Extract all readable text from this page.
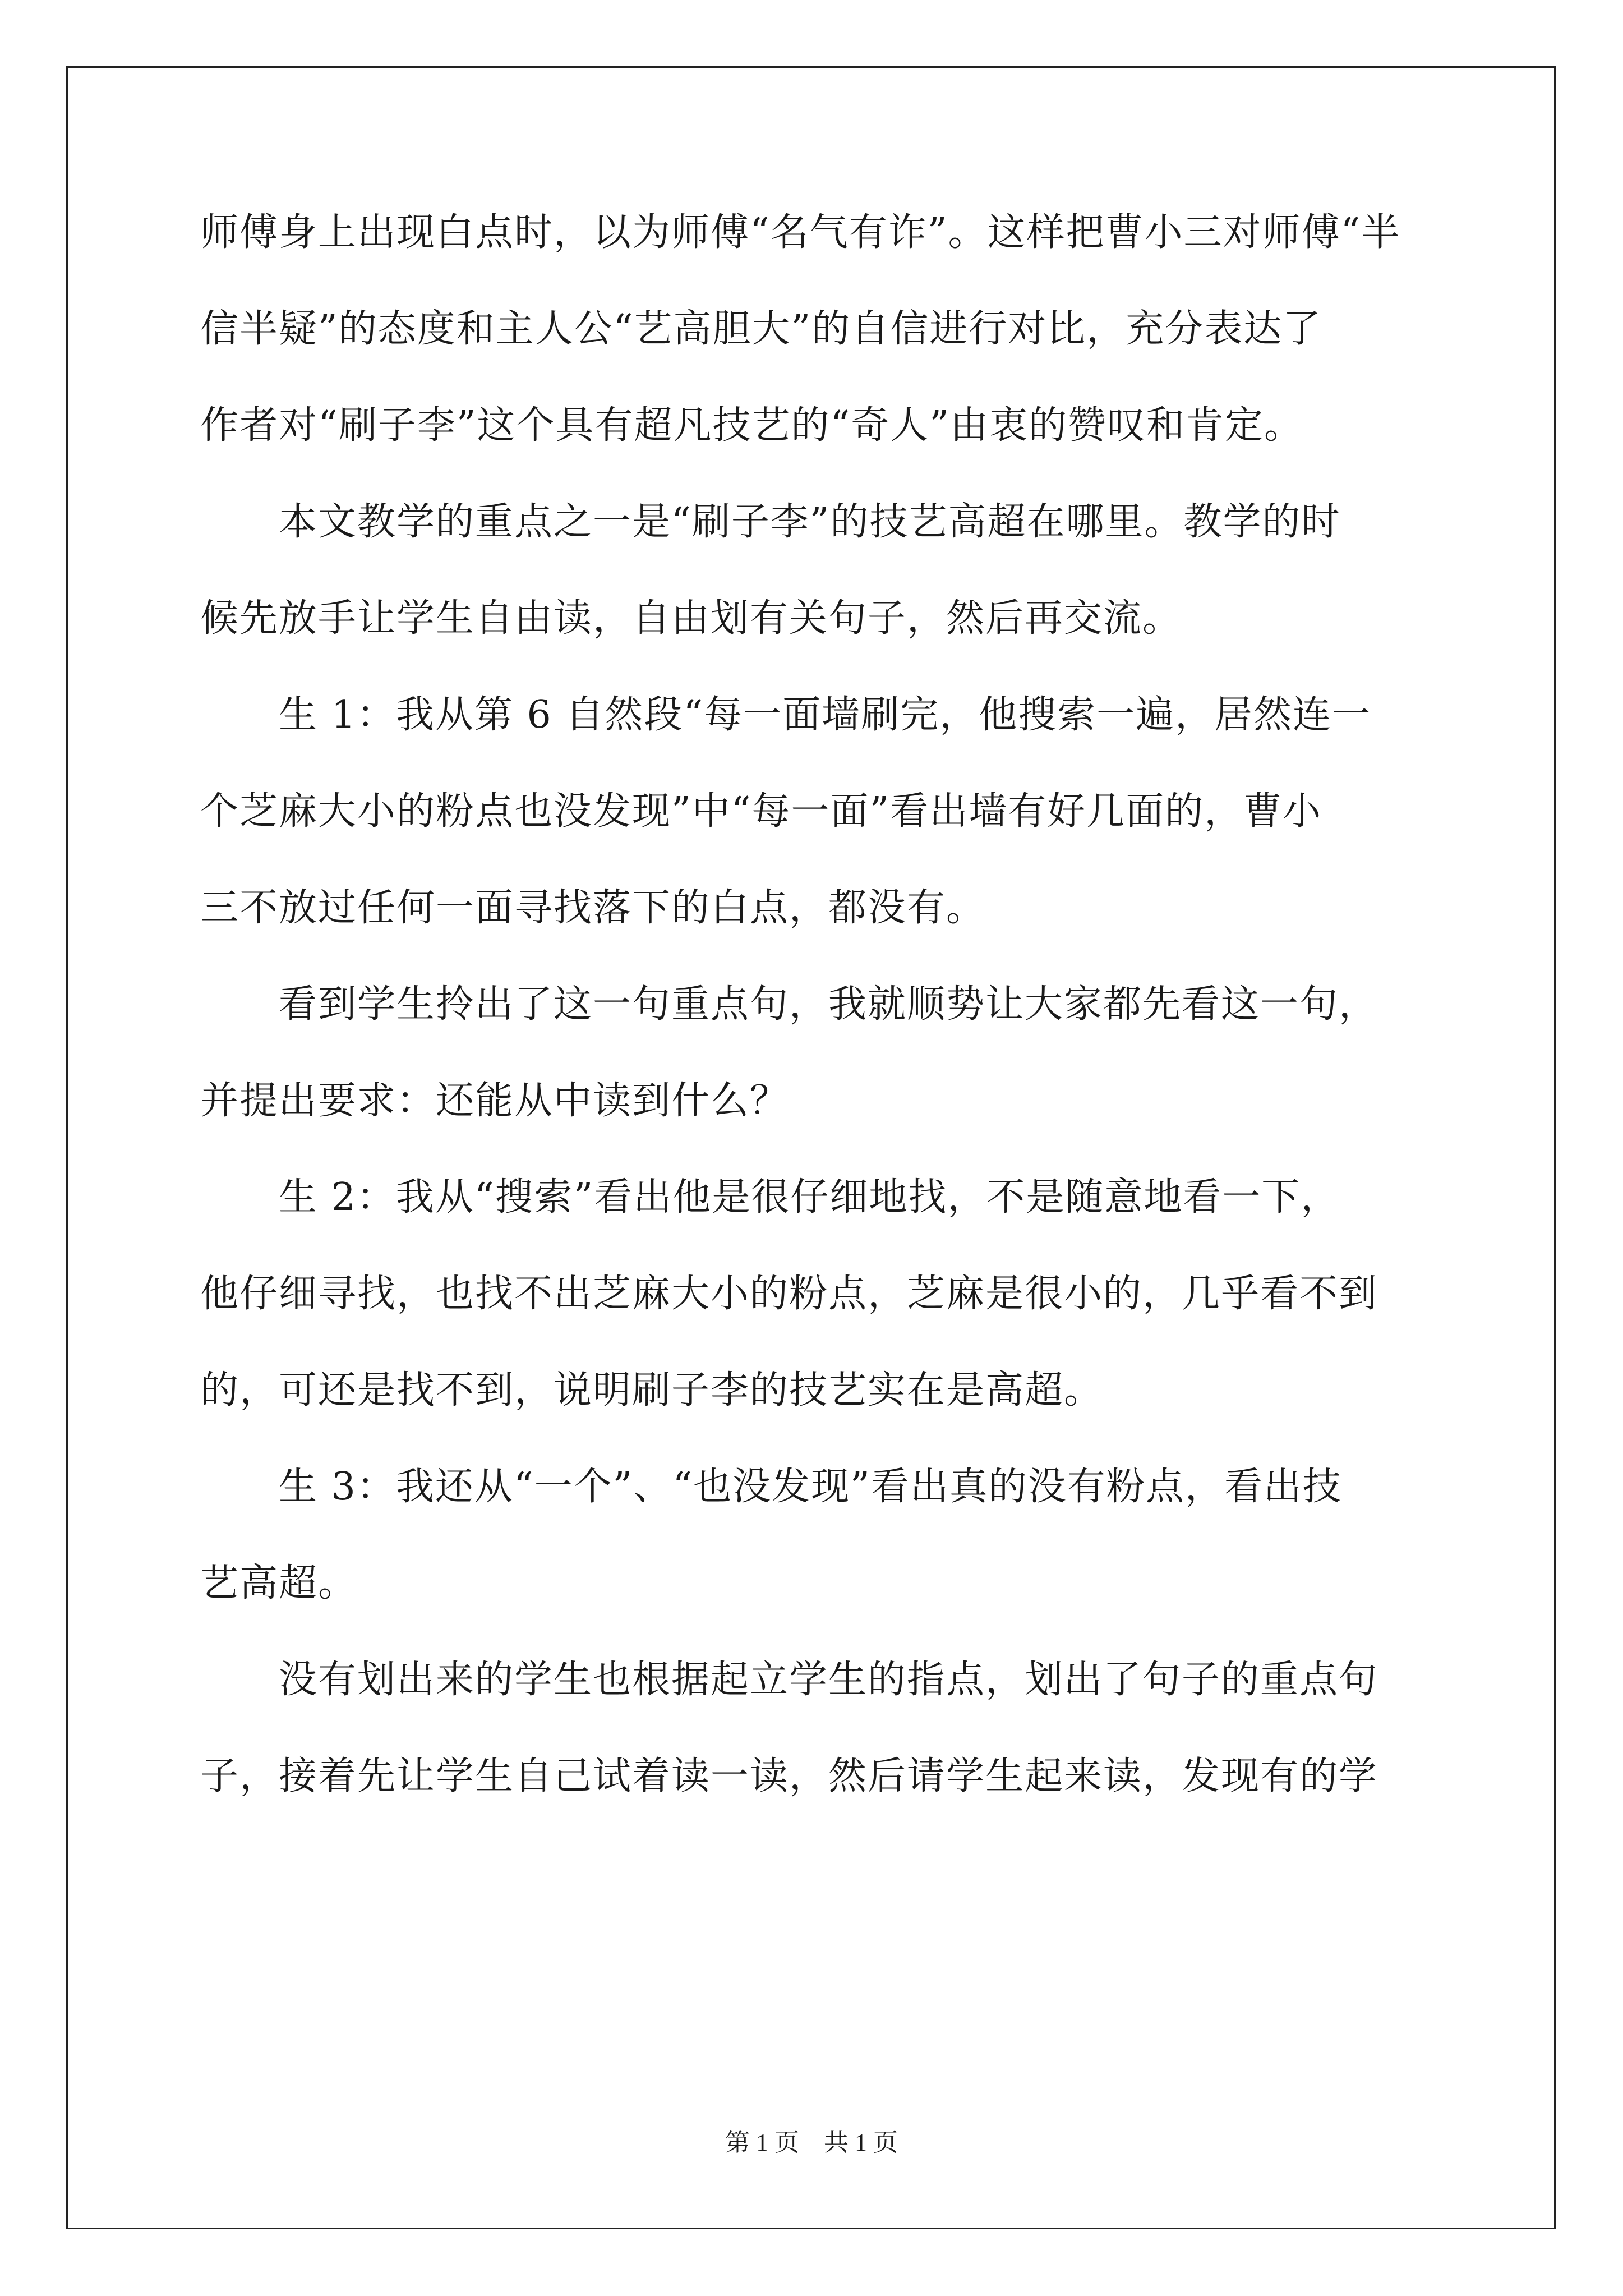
师傅身上出现白点时，以为师傅“名气有诈”。这样把曹小三对师傅“半
信半疑”的态度和主人公“艺高胆大”的自信进行对比，充分表达了
作者对“刷子李”这个具有超凡技艺的“奇人”由衷的赞叹和肯定。
　　本文教学的重点之一是“刷子李”的技艺高超在哪里。教学的时
候先放手让学生自由读，自由划有关句子，然后再交流。
　　生 1：我从第 6 自然段“每一面墙刷完，他搜索一遍，居然连一
个芝麻大小的粉点也没发现”中“每一面”看出墙有好几面的，曹小
三不放过任何一面寻找落下的白点，都没有。
　　看到学生拎出了这一句重点句，我就顺势让大家都先看这一句，
并提出要求：还能从中读到什么？
　　生 2：我从“搜索”看出他是很仔细地找，不是随意地看一下，
他仔细寻找，也找不出芝麻大小的粉点，芝麻是很小的，几乎看不到
的，可还是找不到，说明刷子李的技艺实在是高超。
　　生 3：我还从“一个”、“也没发现”看出真的没有粉点，看出技
艺高超。
　　没有划出来的学生也根据起立学生的指点，划出了句子的重点句
子，接着先让学生自己试着读一读，然后请学生起来读，发现有的学
第 1 页　共 1 页
